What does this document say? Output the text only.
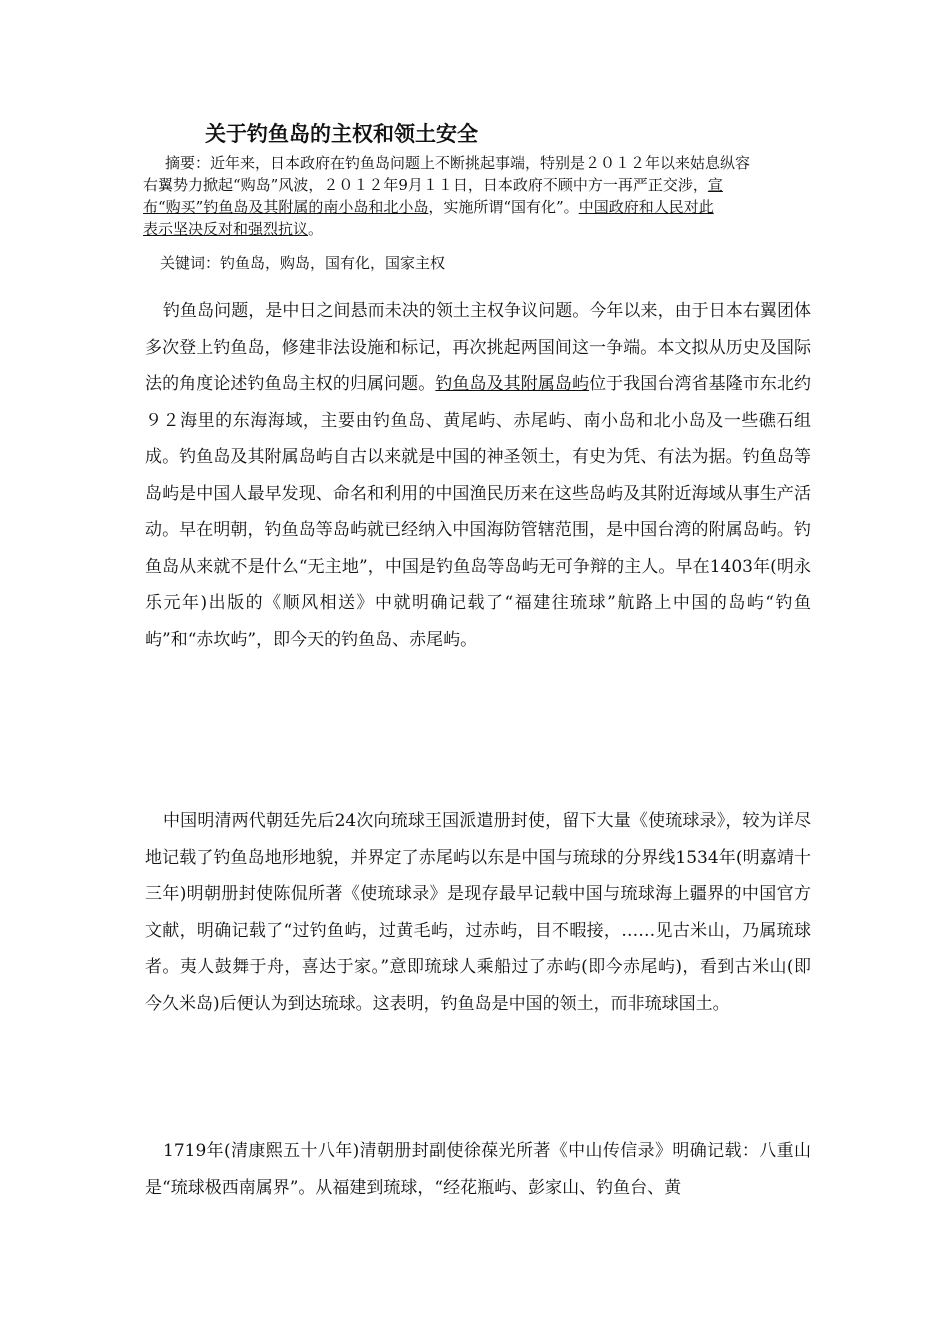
关于钓鱼岛的主权和领土安全
摘要：近年来，日本政府在钓鱼岛问题上不断挑起事端，特别是２０１２年以来姑息纵容
右翼势力掀起“购岛”风波，２０１２年9月１１日，日本政府不顾中方一再严正交涉，宣
布“购买”钓鱼岛及其附属的南小岛和北小岛，实施所谓“国有化”。中国政府和人民对此
表示坚决反对和强烈抗议。

关键词：钓鱼岛，购岛，国有化，国家主权

钓鱼岛问题，是中日之间悬而未决的领土主权争议问题。今年以来，由于日本右翼团体多次登上钓鱼岛，修建非法设施和标记，再次挑起两国间这一争端。本文拟从历史及国际法的角度论述钓鱼岛主权的归属问题。钓鱼岛及其附属岛屿位于我国台湾省基隆市东北约９２海里的东海海域，主要由钓鱼岛、黄尾屿、赤尾屿、南小岛和北小岛及一些礁石组成。钓鱼岛及其附属岛屿自古以来就是中国的神圣领土，有史为凭、有法为据。钓鱼岛等岛屿是中国人最早发现、命名和利用的中国渔民历来在这些岛屿及其附近海域从事生产活动。早在明朝，钓鱼岛等岛屿就已经纳入中国海防管辖范围，是中国台湾的附属岛屿。钓鱼岛从来就不是什么“无主地”，中国是钓鱼岛等岛屿无可争辩的主人。早在1403年(明永乐元年)出版的《顺风相送》中就明确记载了“福建往琉球”航路上中国的岛屿“钓鱼屿”和“赤坎屿”，即今天的钓鱼岛、赤尾屿。

中国明清两代朝廷先后24次向琉球王国派遣册封使，留下大量《使琉球录》，较为详尽地记载了钓鱼岛地形地貌，并界定了赤尾屿以东是中国与琉球的分界线1534年(明嘉靖十三年)明朝册封使陈侃所著《使琉球录》是现存最早记载中国与琉球海上疆界的中国官方文献，明确记载了“过钓鱼屿，过黄毛屿，过赤屿，目不暇接，……见古米山，乃属琉球者。夷人鼓舞于舟，喜达于家。”意即琉球人乘船过了赤屿(即今赤尾屿)，看到古米山(即今久米岛)后便认为到达琉球。这表明，钓鱼岛是中国的领土，而非琉球国土。

1719年(清康熙五十八年)清朝册封副使徐葆光所著《中山传信录》明确记载：八重山是“琉球极西南属界”。从福建到琉球，“经花瓶屿、彭家山、钓鱼台、黄
